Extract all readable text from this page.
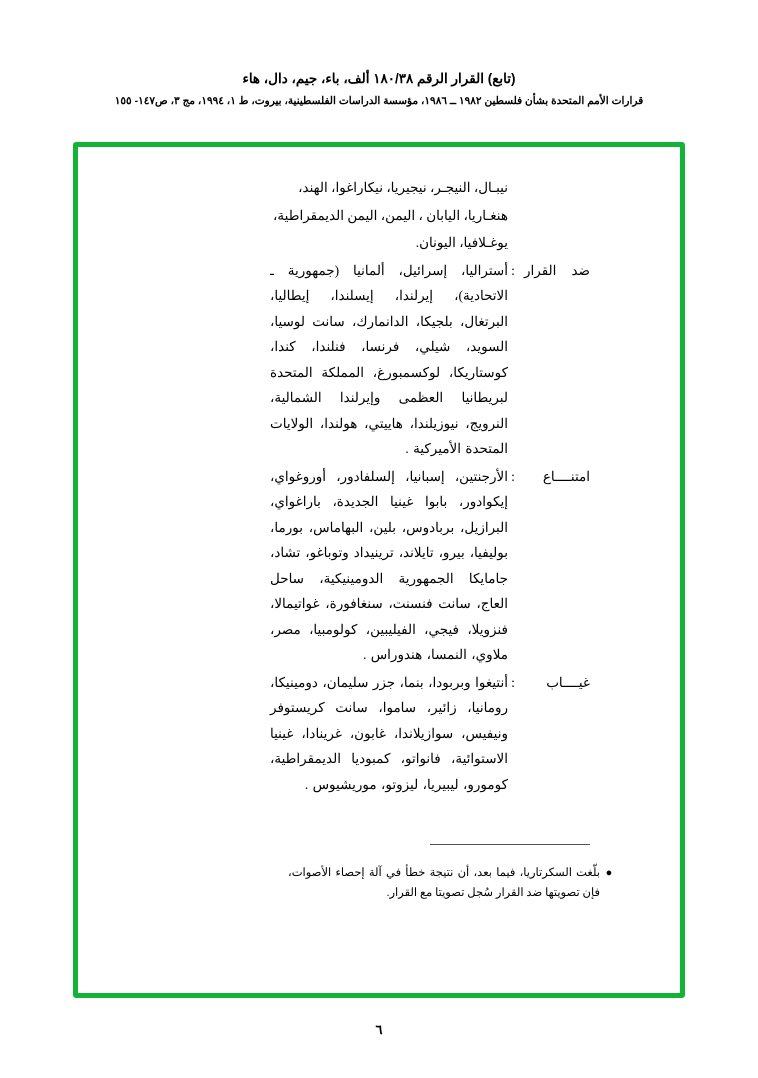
(تابع) القرار الرقم ١٨٠/٣٨ ألف، باء، جيم، دال، هاء
قرارات الأمم المتحدة بشأن فلسطين ١٩٨٢ ــ ١٩٨٦، مؤسسة الدراسات الفلسطينية، بيروت، ط ١، ١٩٩٤، مج ٣، ص١٤٧- ١٥٥
نيبـال، النيجـر، نيجيريا، نيكاراغوا، الهند،
هنغـاريا، اليابان ، اليمن، اليمن الديمقراطية،
يوغـلافيا، اليونان.
ضد القرار
:
أستراليا، إسرائيل، ألمانيا (جمهورية ـ الاتحادية)، إيرلندا، إيسلندا، إيطاليا، البرتغال، بلجيكا، الدانمارك، سانت لوسيا، السويد، شيلي، فرنسا، فنلندا، كندا، كوستاريكا، لوكسمبورغ، المملكة المتحدة لبريطانيا العظمى وإيرلندا الشمالية، النرويج، نيوزيلندا، هاييتي، هولندا، الولايات المتحدة الأميركية .
امتنــــاع
:
الأرجنتين، إسبانيا، إلسلفادور، أوروغواي، إيكوادور، بابوا غينيا الجديدة، باراغواي، البرازيل، بربادوس، بلين، البهاماس، بورما، بوليفيا، بيرو، تايلاند، ترينيداد وتوباغو، تشاد، جامايكا الجمهورية الدومينيكية، ساحل العاج، سانت فنسنت، سنغافورة، غواتيمالا، فنزويلا، فيجي، الفيليبين، كولومبيا، مصر، ملاوي، النمسا، هندوراس .
غيــــاب
:
أنتيغوا وبربودا، بنما، جزر سليمان، دومينيكا، رومانيا، زائير، ساموا، سانت كريستوفر ونيفيس، سوازيلاندا، غابون، غرينادا، غينيا الاستوائية، فانواتو، كمبوديا الديمقراطية، كومورو، ليبيريا، ليزوتو، موريشيوس .
●
بلّغت السكرتاريا، فيما بعد، أن نتيجة خطأ في آلة إحصاء الأصوات، فإن تصويتها ضد القرار سُجل تصويتا مع القرار.
٦
